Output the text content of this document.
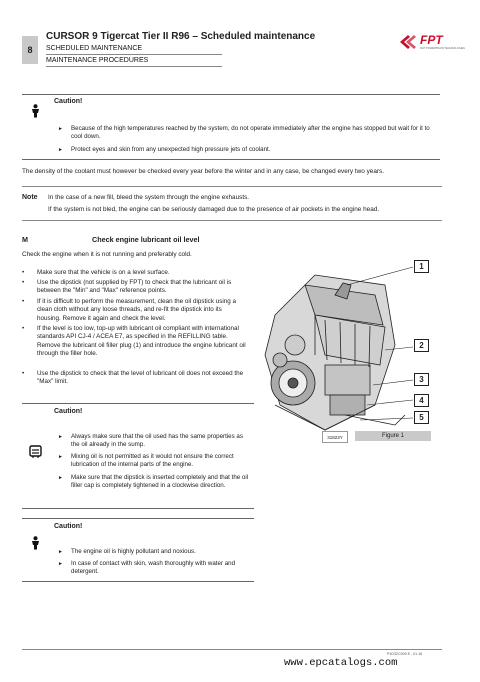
8
CURSOR 9 Tigercat Tier II R96 – Scheduled maintenance
SCHEDULED MAINTENANCE
MAINTENANCE PROCEDURES
FPT
FIAT POWERTRAIN TECHNOLOGIES
Caution!
► Because of the high temperatures reached by the system, do not operate immediately after the engine has stopped but wait for it to cool down.
► Protect eyes and skin from any unexpected high pressure jets of coolant.
The density of the coolant must however be checked every year before the winter and in any case, be changed every two years.
Note In the case of a new fill, bleed the system through the engine exhausts.
If the system is not bled, the engine can be seriously damaged due to the presence of air pockets in the engine head.
M	Check engine lubricant oil level
Check the engine when it is not running and preferably cold.
• Make sure that the vehicle is on a level surface.
• Use the dipstick (not supplied by FPT) to check that the lubricant oil is between the "Min" and "Max" reference points.
• If it is difficult to perform the measurement, clean the oil dipstick using a clean cloth without any loose threads, and re-fit the dipstick into its housing. Remove it again and check the level.
• If the level is too low, top-up with lubricant oil compliant with international standards API CJ-4 / ACEA E7, as specified in the REFILLING table. Remove the lubricant oil filler plug (1) and introduce the engine lubricant oil through the filler hole.
• Use the dipstick to check that the level of lubricant oil does not exceed the "Max" limit.
1
2
3
4
5
31823Y	Figure 1
Caution!
► Always make sure that the oil used has the same properties as the oil already in the sump.
► Mixing oil is not permitted as it would not ensure the correct lubrication of the internal parts of the engine.
► Make sure that the dipstick is inserted completely and that the oil filler cap is completely tightened in a clockwise direction.
Caution!
► The engine oil is highly pollutant and noxious.
► In case of contact with skin, wash thoroughly with water and detergent.
P1D32C009 E - 01.16
www.epcatalogs.com
